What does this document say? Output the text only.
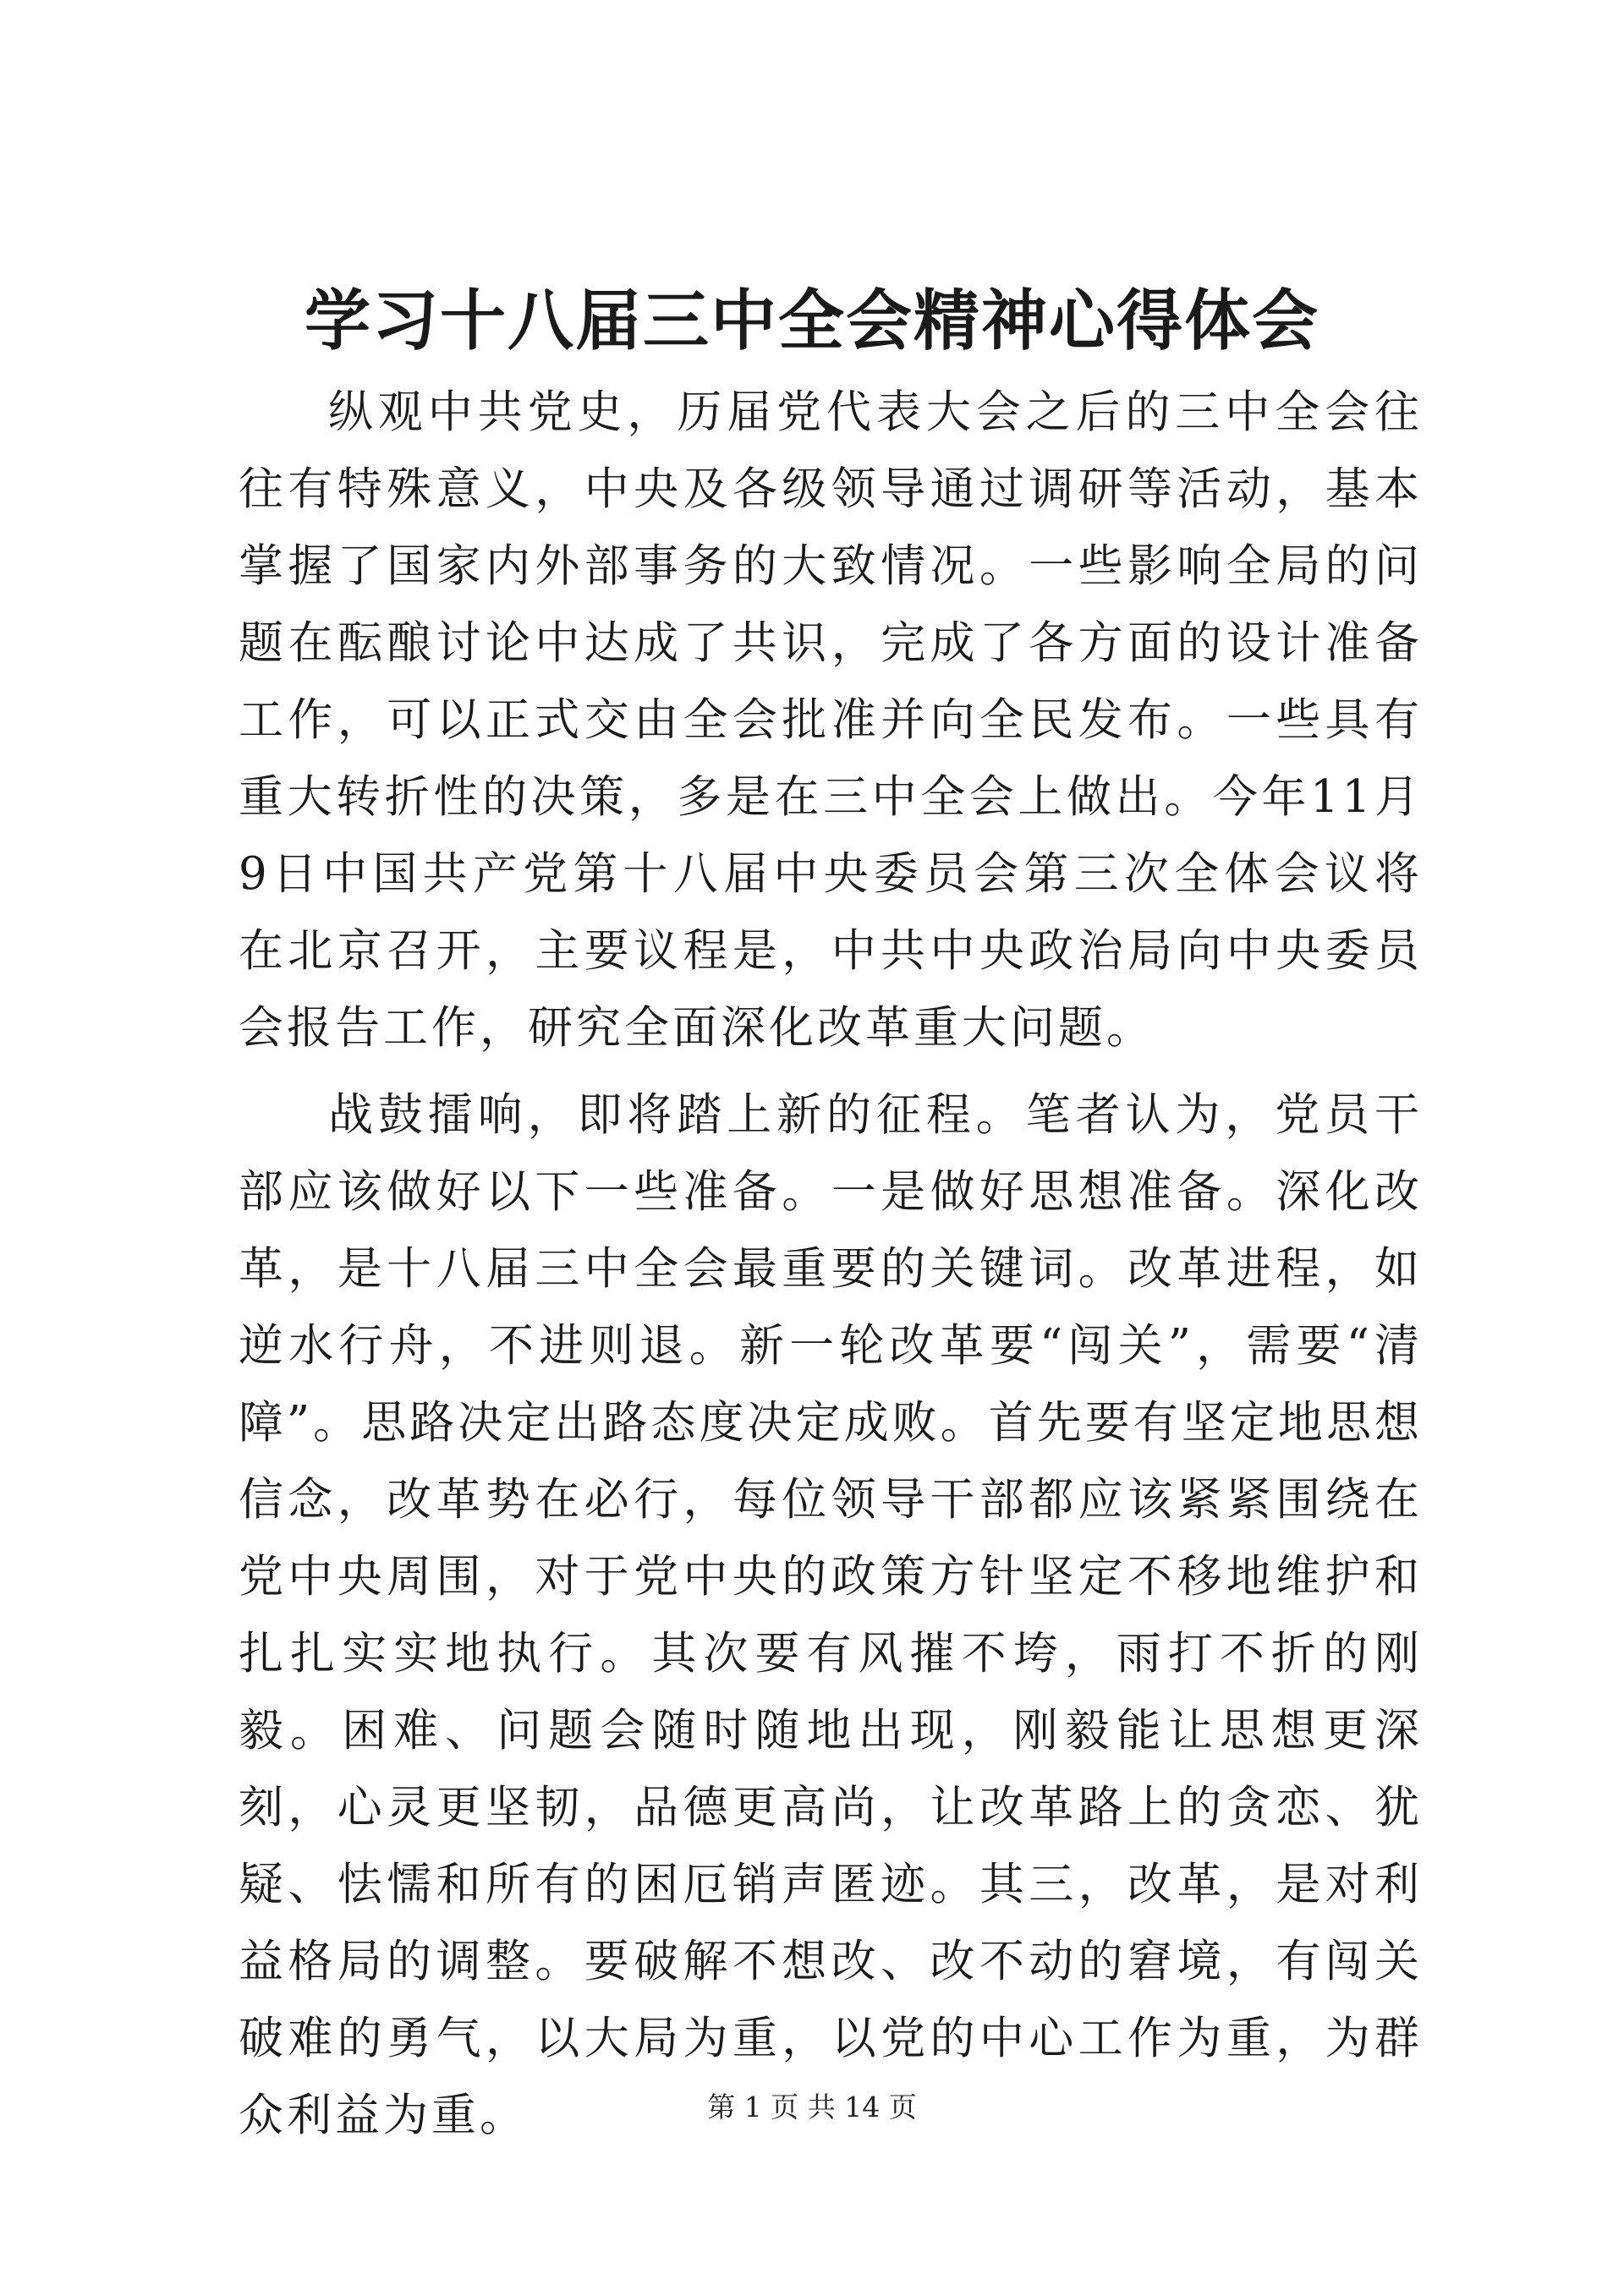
学习十八届三中全会精神心得体会

纵观中共党史，历届党代表大会之后的三中全会往往有特殊意义，中央及各级领导通过调研等活动，基本掌握了国家内外部事务的大致情况。一些影响全局的问题在酝酿讨论中达成了共识，完成了各方面的设计准备工作，可以正式交由全会批准并向全民发布。一些具有重大转折性的决策，多是在三中全会上做出。今年11月9日中国共产党第十八届中央委员会第三次全体会议将在北京召开，主要议程是，中共中央政治局向中央委员会报告工作，研究全面深化改革重大问题。

战鼓擂响，即将踏上新的征程。笔者认为，党员干部应该做好以下一些准备。一是做好思想准备。深化改革，是十八届三中全会最重要的关键词。改革进程，如逆水行舟，不进则退。新一轮改革要“闯关”，需要“清障”。思路决定出路态度决定成败。首先要有坚定地思想信念，改革势在必行，每位领导干部都应该紧紧围绕在党中央周围，对于党中央的政策方针坚定不移地维护和扎扎实实地执行。其次要有风摧不垮，雨打不折的刚毅。困难、问题会随时随地出现，刚毅能让思想更深刻，心灵更坚韧，品德更高尚，让改革路上的贪恋、犹疑、怯懦和所有的困厄销声匿迹。其三，改革，是对利益格局的调整。要破解不想改、改不动的窘境，有闯关破难的勇气，以大局为重，以党的中心工作为重，为群众利益为重。	第 1 页 共 14 页
